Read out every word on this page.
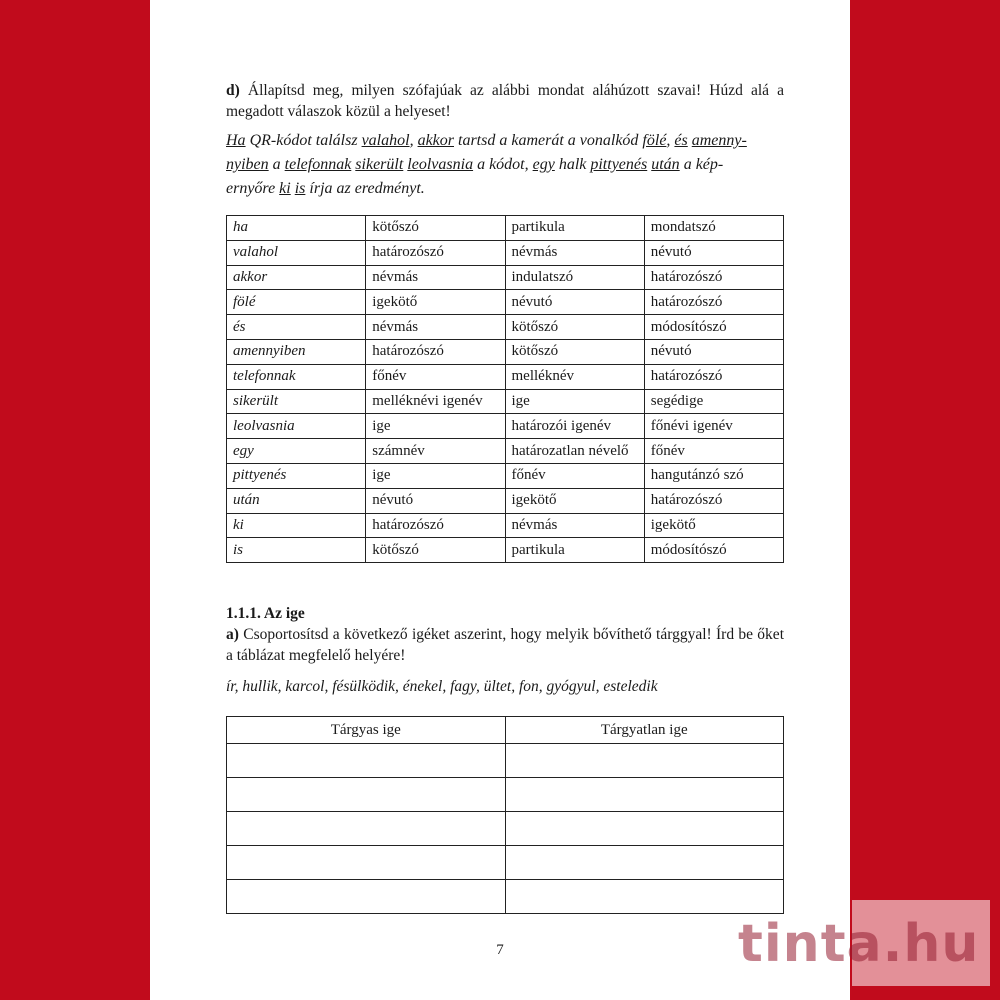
d) Állapítsd meg, milyen szófajúak az alábbi mondat aláhúzott szavai! Húzd alá a megadott válaszok közül a helyeset!

Ha QR-kódot találsz valahol, akkor tartsd a kamerát a vonalkód fölé, és amenny-
nyiben a telefonnak sikerült leolvasnia a kódot, egy halk pittyenés után a kép-
ernyőre ki is írja az eredményt.

ha	kötőszó	partikula	mondatszó
valahol	határozószó	névmás	névutó
akkor	névmás	indulatszó	határozószó
fölé	igekötő	névutó	határozószó
és	névmás	kötőszó	módosítószó
amennyiben	határozószó	kötőszó	névutó
telefonnak	főnév	melléknév	határozószó
sikerült	melléknévi igenév	ige	segédige
leolvasnia	ige	határozói igenév	főnévi igenév
egy	számnév	határozatlan névelő	főnév
pittyenés	ige	főnév	hangutánzó szó
után	névutó	igekötő	határozószó
ki	határozószó	névmás	igekötő
is	kötőszó	partikula	módosítószó
1.1.1. Az ige

a) Csoportosítsd a következő igéket aszerint, hogy melyik bővíthető tárggyal! Írd be őket a táblázat megfelelő helyére!

ír, hullik, karcol, fésülködik, énekel, fagy, ültet, fon, gyógyul, esteledik
Tárgyas ige	Tárgyatlan ige

7	tinta.hu
